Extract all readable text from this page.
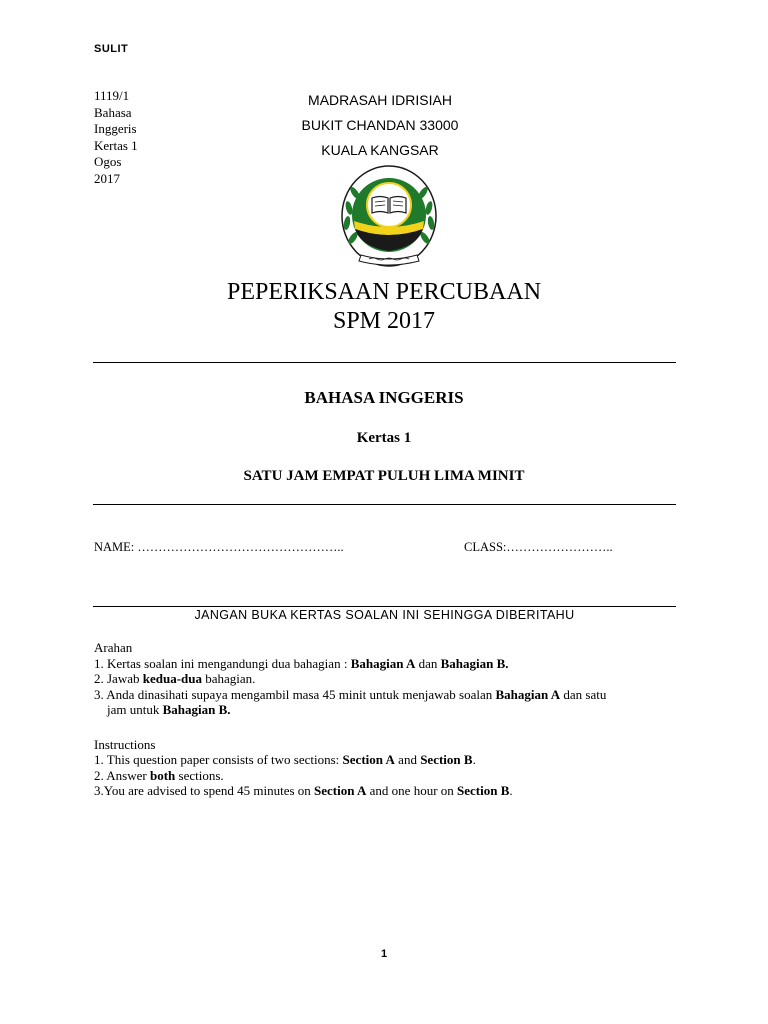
SULIT
1119/1
Bahasa
Inggeris
Kertas 1
Ogos
2017
MADRASAH IDRISIAH
BUKIT CHANDAN 33000
KUALA KANGSAR
PEPERIKSAAN PERCUBAAN
SPM 2017
BAHASA INGGERIS
Kertas 1
SATU JAM EMPAT PULUH LIMA MINIT
NAME: …………………………………………..	CLASS:……………………..
JANGAN BUKA KERTAS SOALAN INI SEHINGGA DIBERITAHU
Arahan
1. Kertas soalan ini mengandungi dua bahagian : Bahagian A dan Bahagian B.
2. Jawab kedua-dua bahagian.
3. Anda dinasihati supaya mengambil masa 45 minit untuk menjawab soalan Bahagian A dan satu
jam untuk Bahagian B.
Instructions
1. This question paper consists of two sections: Section A and Section B.
2. Answer both sections.
3.You are advised to spend 45 minutes on Section A and one hour on Section B.
1
